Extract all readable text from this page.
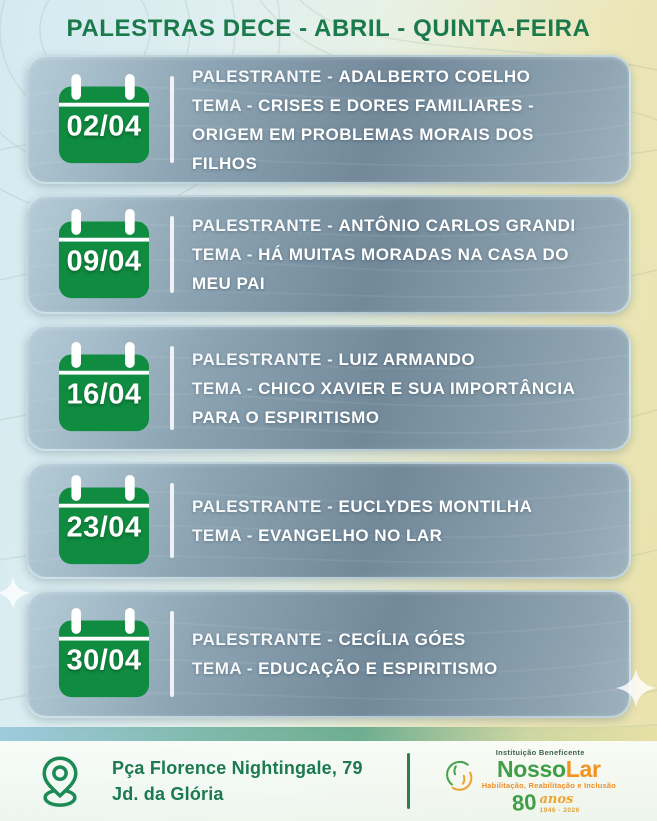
PALESTRAS DECE - ABRIL - QUINTA-FEIRA
02/04
PALESTRANTE - ADALBERTO COELHO
TEMA - CRISES E DORES FAMILIARES - ORIGEM EM PROBLEMAS MORAIS DOS FILHOS
09/04
PALESTRANTE - ANTÔNIO CARLOS GRANDI
TEMA - HÁ MUITAS MORADAS NA CASA DO MEU PAI
16/04
PALESTRANTE - LUIZ ARMANDO
TEMA - CHICO XAVIER E SUA IMPORTÂNCIA PARA O ESPIRITISMO
23/04
PALESTRANTE - EUCLYDES MONTILHA
TEMA - EVANGELHO NO LAR
30/04
PALESTRANTE - CECÍLIA GÓES
TEMA - EDUCAÇÃO E ESPIRITISMO
Pça Florence Nightingale, 79
Jd. da Glória
Instituição Beneficente
NossoLar
Habilitação, Reabilitação e Inclusão
80 anos
1946 - 2026
